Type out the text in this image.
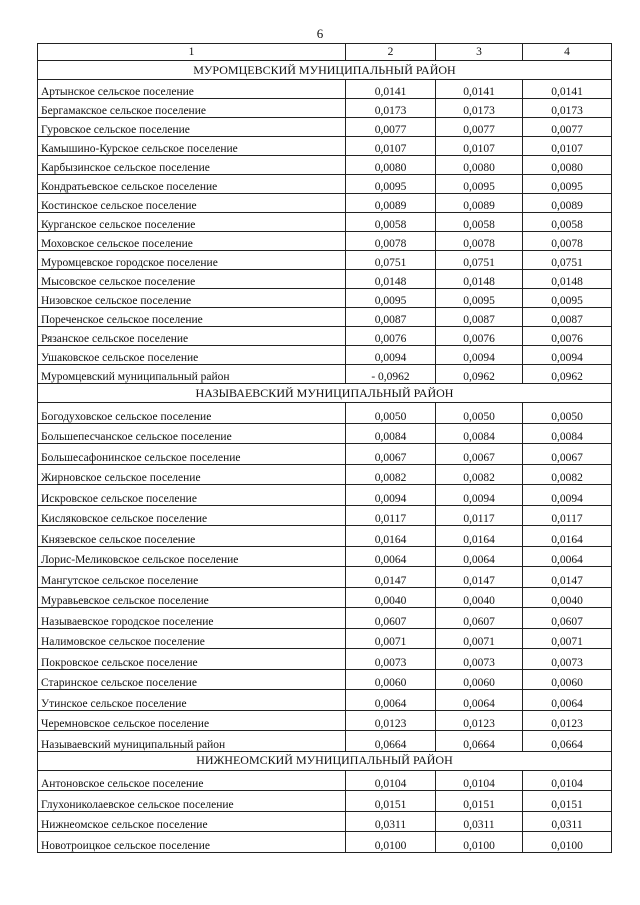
6
1	2	3	4
МУРОМЦЕВСКИЙ МУНИЦИПАЛЬНЫЙ РАЙОН			
Артынское сельское поселение	0,0141	0,0141	0,0141
Бергамакское сельское поселение	0,0173	0,0173	0,0173
Гуровское сельское поселение	0,0077	0,0077	0,0077
Камышино-Курское сельское поселение	0,0107	0,0107	0,0107
Карбызинское сельское поселение	0,0080	0,0080	0,0080
Кондратьевское сельское поселение	0,0095	0,0095	0,0095
Костинское сельское поселение	0,0089	0,0089	0,0089
Курганское сельское поселение	0,0058	0,0058	0,0058
Моховское сельское поселение	0,0078	0,0078	0,0078
Муромцевское городское поселение	0,0751	0,0751	0,0751
Мысовское сельское поселение	0,0148	0,0148	0,0148
Низовское сельское поселение	0,0095	0,0095	0,0095
Пореченское сельское поселение	0,0087	0,0087	0,0087
Рязанское сельское поселение	0,0076	0,0076	0,0076
Ушаковское сельское поселение	0,0094	0,0094	0,0094
Муромцевский муниципальный район	- 0,0962	0,0962	0,0962
НАЗЫВАЕВСКИЙ МУНИЦИПАЛЬНЫЙ РАЙОН			
Богодуховское сельское поселение	0,0050	0,0050	0,0050
Большепесчанское сельское поселение	0,0084	0,0084	0,0084
Большесафонинское сельское поселение	0,0067	0,0067	0,0067
Жирновское сельское поселение	0,0082	0,0082	0,0082
Искровское сельское поселение	0,0094	0,0094	0,0094
Кисляковское сельское поселение	0,0117	0,0117	0,0117
Князевское сельское поселение	0,0164	0,0164	0,0164
Лорис-Меликовское сельское поселение	0,0064	0,0064	0,0064
Мангутское сельское поселение	0,0147	0,0147	0,0147
Муравьевское сельское поселение	0,0040	0,0040	0,0040
Называевское городское поселение	0,0607	0,0607	0,0607
Налимовское сельское поселение	0,0071	0,0071	0,0071
Покровское сельское поселение	0,0073	0,0073	0,0073
Старинское сельское поселение	0,0060	0,0060	0,0060
Утинское сельское поселение	0,0064	0,0064	0,0064
Черемновское сельское поселение	0,0123	0,0123	0,0123
Называевский муниципальный район	0,0664	0,0664	0,0664
НИЖНЕОМСКИЙ МУНИЦИПАЛЬНЫЙ РАЙОН			
Антоновское сельское поселение	0,0104	0,0104	0,0104
Глухониколаевское сельское поселение	0,0151	0,0151	0,0151
Нижнеомское сельское поселение	0,0311	0,0311	0,0311
Новотроицкое сельское поселение	0,0100	0,0100	0,0100
